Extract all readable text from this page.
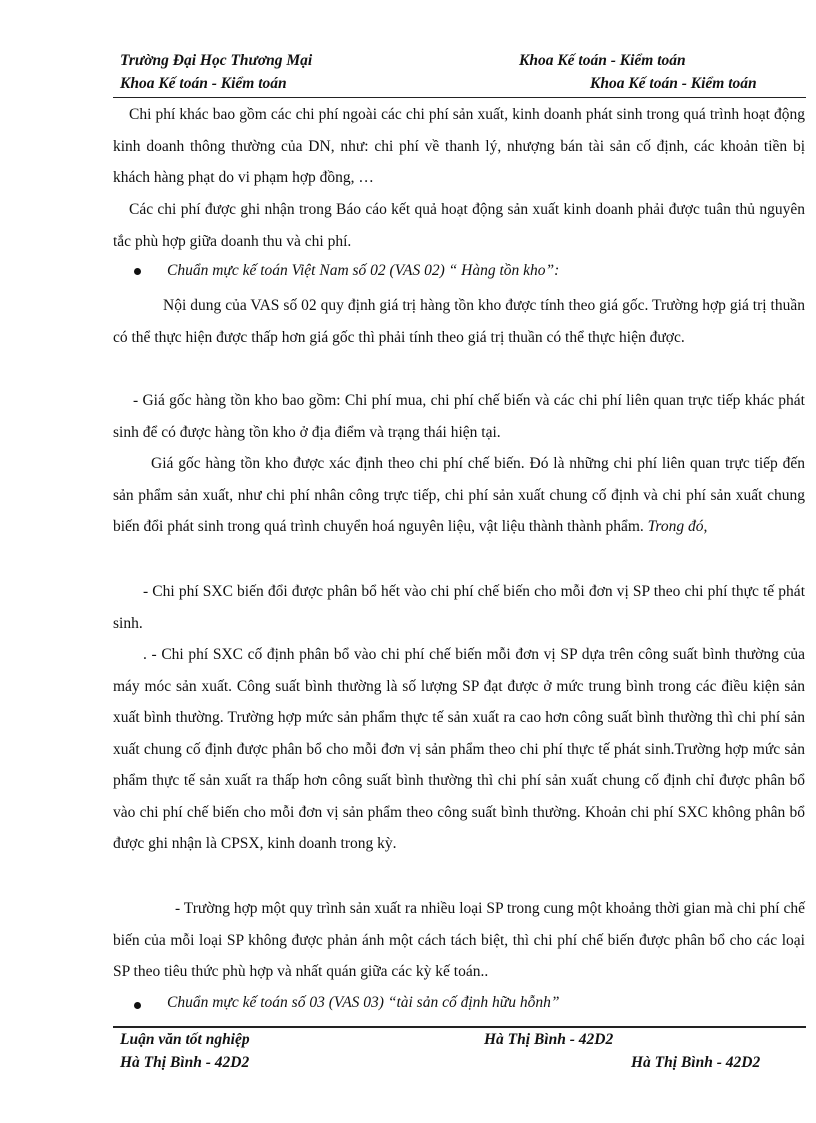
Trường Đại Học Thương Mại	Khoa Kế toán - Kiểm toán
Khoa Kế toán - Kiểm toán	Khoa Kế toán - Kiểm toán
Chi phí khác bao gồm các chi phí ngoài các chi phí sản xuất, kinh doanh phát sinh trong quá trình hoạt động kinh doanh thông thường của DN, như: chi phí về thanh lý, nhượng bán tài sản cố định, các khoản tiền bị khách hàng phạt do vi phạm hợp đồng, …
Các chi phí được ghi nhận trong Báo cáo kết quả hoạt động sản xuất kinh doanh phải được tuân thủ nguyên tắc phù hợp giữa doanh thu và chi phí.
Chuẩn mực kế toán Việt Nam số 02 (VAS 02) “ Hàng tồn kho”:
Nội dung của VAS số 02 quy định giá trị hàng tồn kho được tính theo giá gốc. Trường hợp giá trị thuần có thể thực hiện được thấp hơn giá gốc thì phải tính theo giá trị thuần có thể thực hiện được.
- Giá gốc hàng tồn kho bao gồm: Chi phí mua, chi phí chế biến và các chi phí liên quan trực tiếp khác phát sinh để có được hàng tồn kho ở địa điểm và trạng thái hiện tại.
Giá gốc hàng tồn kho được xác định theo chi phí chế biến. Đó là những chi phí liên quan trực tiếp đến sản phẩm sản xuất, như chi phí nhân công trực tiếp, chi phí sản xuất chung cố định và chi phí sản xuất chung biến đổi phát sinh trong quá trình chuyển hoá nguyên liệu, vật liệu thành thành phẩm. Trong đó,
- Chi phí SXC biến đổi được phân bổ hết vào chi phí chế biến cho mỗi đơn vị SP theo chi phí thực tế phát sinh.
. - Chi phí SXC cố định phân bổ vào chi phí chế biến mỗi đơn vị SP dựa trên công suất bình thường của máy móc sản xuất. Công suất bình thường là số lượng SP đạt được ở mức trung bình trong các điều kiện sản xuất bình thường. Trường hợp mức sản phẩm thực tế sản xuất ra cao hơn công suất bình thường thì chi phí sản xuất chung cố định được phân bổ cho mỗi đơn vị sản phẩm theo chi phí thực tế phát sinh.Trường hợp mức sản phẩm thực tế sản xuất ra thấp hơn công suất bình thường thì chi phí sản xuất chung cố định chỉ được phân bổ vào chi phí chế biến cho mỗi đơn vị sản phẩm theo công suất bình thường. Khoản chi phí SXC không phân bổ được ghi nhận là CPSX, kinh doanh trong kỳ.
- Trường hợp một quy trình sản xuất ra nhiều loại SP trong cung một khoảng thời gian mà chi phí chế biến của mỗi loại SP không được phản ánh một cách tách biệt, thì chi phí chế biến được phân bổ cho các loại SP theo tiêu thức phù hợp và nhất quán giữa các kỳ kế toán..
Chuẩn mực kế toán số 03 (VAS 03) “tài sản cố định hữu hỗnh”
Luận văn tốt nghiệp	Hà Thị Bình - 42D2
Hà Thị Bình - 42D2	Hà Thị Bình - 42D2
